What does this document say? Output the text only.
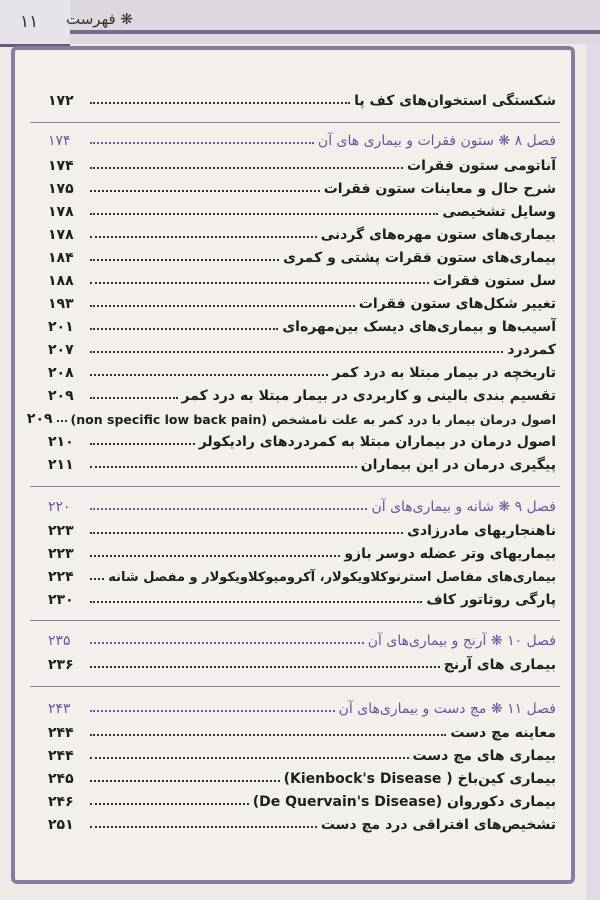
۱۱ ❋ فهرست
شکستگی استخوان‌های کف پا
۱۷۲
فصل ۸ ❋ ستون فقرات و بیماری های آن
۱۷۴
آناتومی ستون فقرات
۱۷۴
شرح حال و معاینات ستون فقرات
۱۷۵
وسایل تشخیصی
۱۷۸
بیماری‌های ستون مهره‌های گردنی
۱۷۸
بیماری‌های ستون فقرات پشتی و کمری
۱۸۴
سل ستون فقرات
۱۸۸
تغییر شکل‌های ستون فقرات
۱۹۳
آسیب‌ها و بیماری‌های دیسک بین‌مهره‌ای
۲۰۱
کمردرد
۲۰۷
تاریخچه در بیمار مبتلا به درد کمر
۲۰۸
تقسیم بندی بالینی و کاربردی در بیمار مبتلا به درد کمر
۲۰۹
اصول درمان بیمار با درد کمر به علت نامشخص (non specific low back pain)
۲۰۹
اصول درمان در بیماران مبتلا به کمردردهای رادیکولر
۲۱۰
پیگیری درمان در این بیماران
۲۱۱
فصل ۹ ❋ شانه و بیماری‌های آن
۲۲۰
ناهنجاریهای مادرزادی
۲۲۳
بیماریهای وتر عضله دوسر بازو
۲۲۳
بیماری‌های مفاصل استرنوکلاویکولار، آکرومیوکلاویکولار و مفصل شانه
۲۲۴
پارگی روتاتور کاف
۲۳۰
فصل ۱۰ ❋ آرنج و بیماری‌های آن
۲۳۵
بیماری های آرنج
۲۳۶
فصل ۱۱ ❋ مچ دست و بیماری‌های آن
۲۴۳
معاینه مچ دست
۲۴۴
بیماری های مچ دست
۲۴۴
بیماری کین‌باخ ( Kienbock's Disease)
۲۴۵
بیماری دکوروان (De Quervain's Disease)
۲۴۶
تشخیص‌های افتراقی درد مچ دست
۲۵۱
